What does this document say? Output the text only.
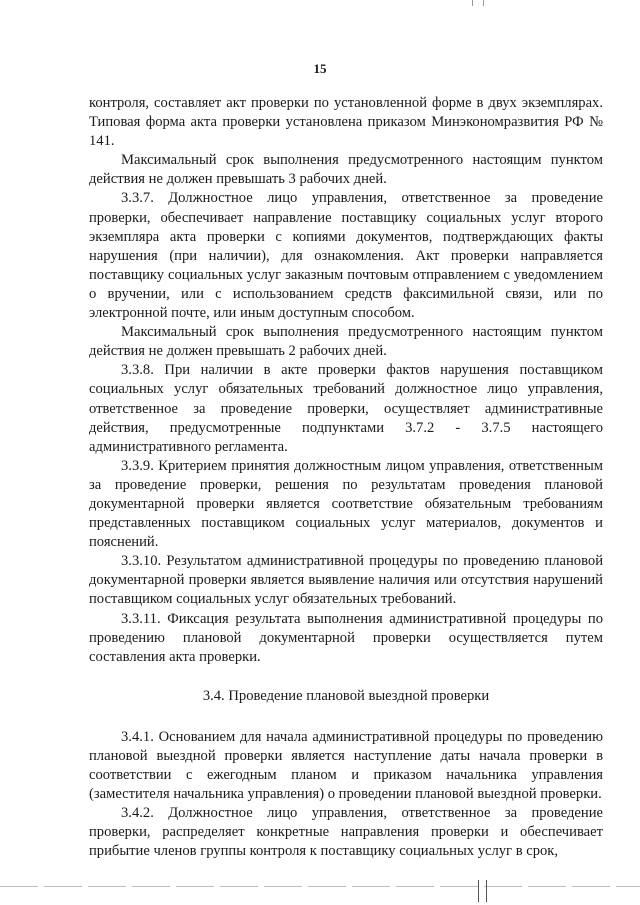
15

контроля, составляет акт проверки по установленной форме в двух экземплярах. Типовая форма акта проверки установлена приказом Минэкономразвития РФ № 141.

Максимальный срок выполнения предусмотренного настоящим пунктом действия не должен превышать 3 рабочих дней.

3.3.7. Должностное лицо управления, ответственное за проведение проверки, обеспечивает направление поставщику социальных услуг второго экземпляра акта проверки с копиями документов, подтверждающих факты нарушения (при наличии), для ознакомления. Акт проверки направляется поставщику социальных услуг заказным почтовым отправлением с уведомлением о вручении, или с использованием средств факсимильной связи, или по электронной почте, или иным доступным способом.

Максимальный срок выполнения предусмотренного настоящим пунктом действия не должен превышать 2 рабочих дней.

3.3.8. При наличии в акте проверки фактов нарушения поставщиком социальных услуг обязательных требований должностное лицо управления, ответственное за проведение проверки, осуществляет административные действия, предусмотренные подпунктами 3.7.2 - 3.7.5 настоящего административного регламента.

3.3.9. Критерием принятия должностным лицом управления, ответственным за проведение проверки, решения по результатам проведения плановой документарной проверки является соответствие обязательным требованиям представленных поставщиком социальных услуг материалов, документов и пояснений.

3.3.10. Результатом административной процедуры по проведению плановой документарной проверки является выявление наличия или отсутствия нарушений поставщиком социальных услуг обязательных требований.

3.3.11. Фиксация результата выполнения административной процедуры по проведению плановой документарной проверки осуществляется путем составления акта проверки.

3.4. Проведение плановой выездной проверки

3.4.1. Основанием для начала административной процедуры по проведению плановой выездной проверки является наступление даты начала проверки в соответствии с ежегодным планом и приказом начальника управления (заместителя начальника управления) о проведении плановой выездной проверки.

3.4.2. Должностное лицо управления, ответственное за проведение проверки, распределяет конкретные направления проверки и обеспечивает прибытие членов группы контроля к поставщику социальных услуг в срок,
